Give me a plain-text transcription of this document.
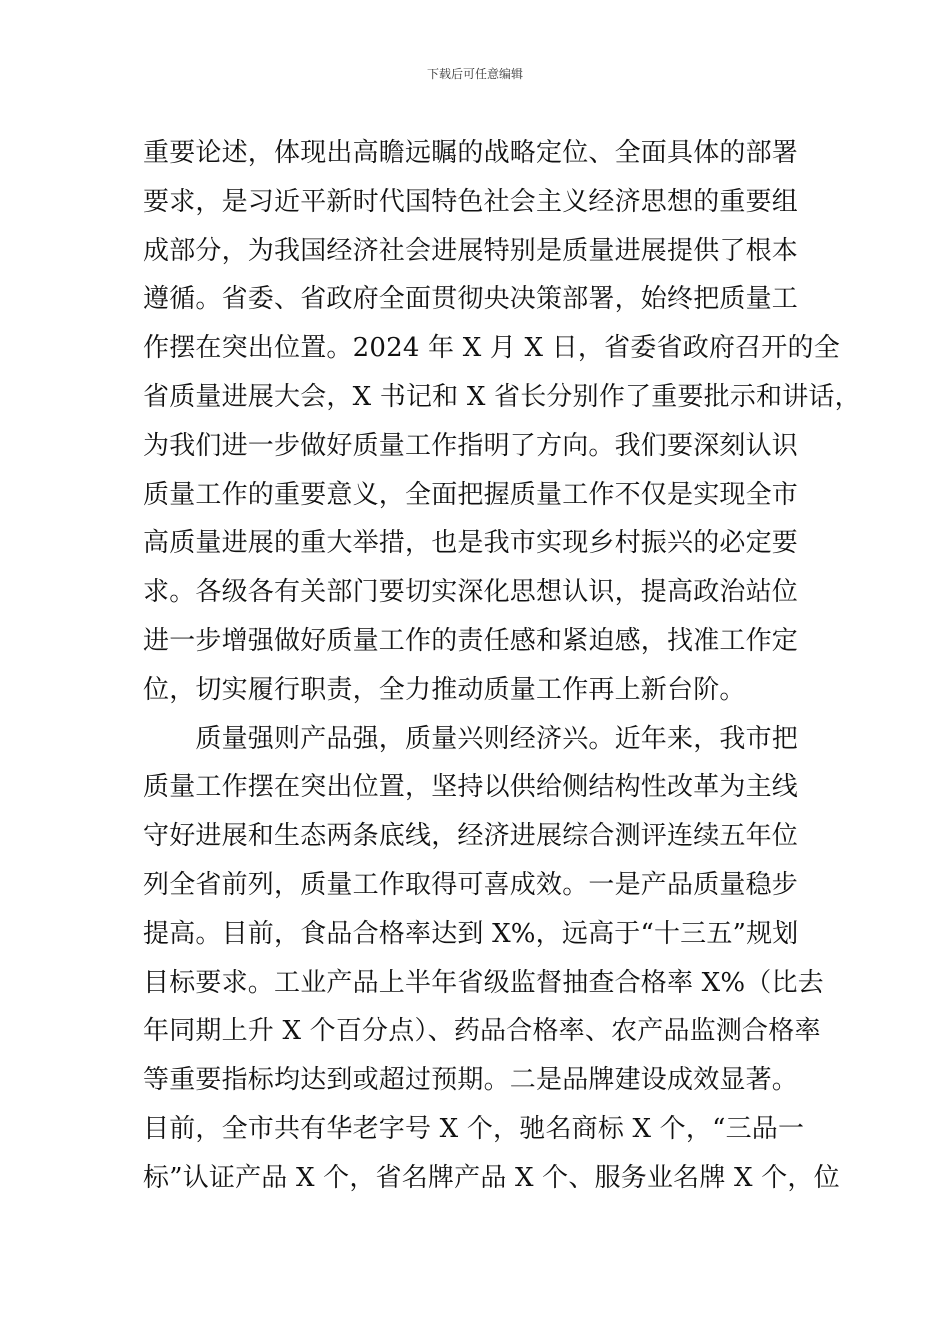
下载后可任意编辑
重要论述，体现出高瞻远瞩的战略定位、全面具体的部署
要求，是习近平新时代国特色社会主义经济思想的重要组
成部分，为我国经济社会进展特别是质量进展提供了根本
遵循。省委、省政府全面贯彻央决策部署，始终把质量工
作摆在突出位置。2024 年 X 月 X 日，省委省政府召开的全
省质量进展大会，X 书记和 X 省长分别作了重要批示和讲话，
为我们进一步做好质量工作指明了方向。我们要深刻认识
质量工作的重要意义，全面把握质量工作不仅是实现全市
高质量进展的重大举措，也是我市实现乡村振兴的必定要
求。各级各有关部门要切实深化思想认识，提高政治站位
进一步增强做好质量工作的责任感和紧迫感，找准工作定
位，切实履行职责，全力推动质量工作再上新台阶。
　　质量强则产品强，质量兴则经济兴。近年来，我市把
质量工作摆在突出位置，坚持以供给侧结构性改革为主线
守好进展和生态两条底线，经济进展综合测评连续五年位
列全省前列，质量工作取得可喜成效。一是产品质量稳步
提高。目前，食品合格率达到 X%，远高于“十三五”规划
目标要求。工业产品上半年省级监督抽查合格率 X%（比去
年同期上升 X 个百分点）、药品合格率、农产品监测合格率
等重要指标均达到或超过预期。二是品牌建设成效显著。
目前，全市共有华老字号 X 个，驰名商标 X 个，“三品一
标”认证产品 X 个，省名牌产品 X 个、服务业名牌 X 个，位
